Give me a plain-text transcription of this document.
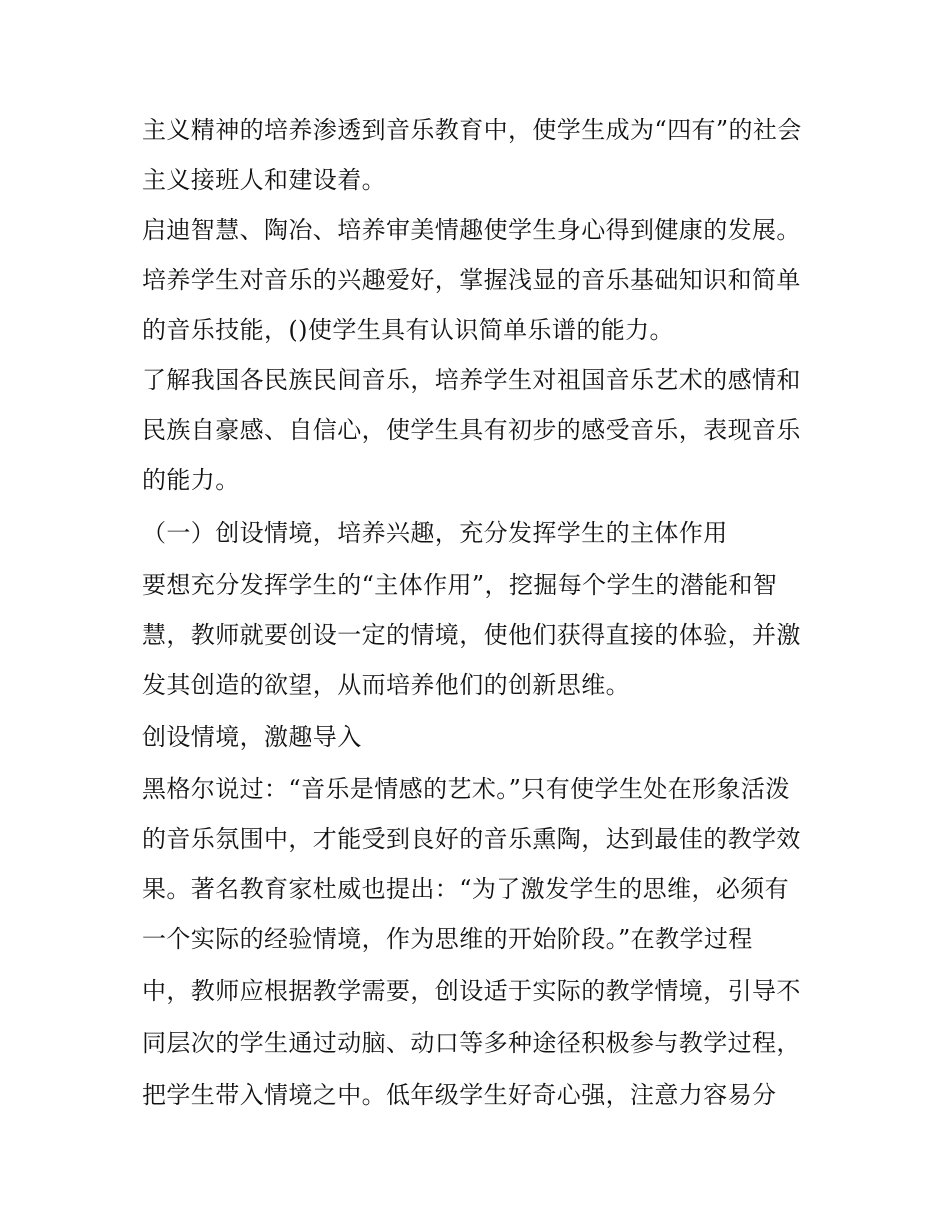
主义精神的培养渗透到音乐教育中，使学生成为“四有”的社会
主义接班人和建设着。
启迪智慧、陶冶、培养审美情趣使学生身心得到健康的发展。
培养学生对音乐的兴趣爱好，掌握浅显的音乐基础知识和简单
的音乐技能，()使学生具有认识简单乐谱的能力。
了解我国各民族民间音乐，培养学生对祖国音乐艺术的感情和
民族自豪感、自信心，使学生具有初步的感受音乐，表现音乐
的能力。
（一）创设情境，培养兴趣，充分发挥学生的主体作用
要想充分发挥学生的“主体作用”，挖掘每个学生的潜能和智
慧，教师就要创设一定的情境，使他们获得直接的体验，并激
发其创造的欲望，从而培养他们的创新思维。
创设情境，激趣导入
黑格尔说过：“音乐是情感的艺术。”只有使学生处在形象活泼
的音乐氛围中，才能受到良好的音乐熏陶，达到最佳的教学效
果。著名教育家杜威也提出：“为了激发学生的思维，必须有
一个实际的经验情境，作为思维的开始阶段。”在教学过程
中，教师应根据教学需要，创设适于实际的教学情境，引导不
同层次的学生通过动脑、动口等多种途径积极参与教学过程，
把学生带入情境之中。低年级学生好奇心强，注意力容易分
